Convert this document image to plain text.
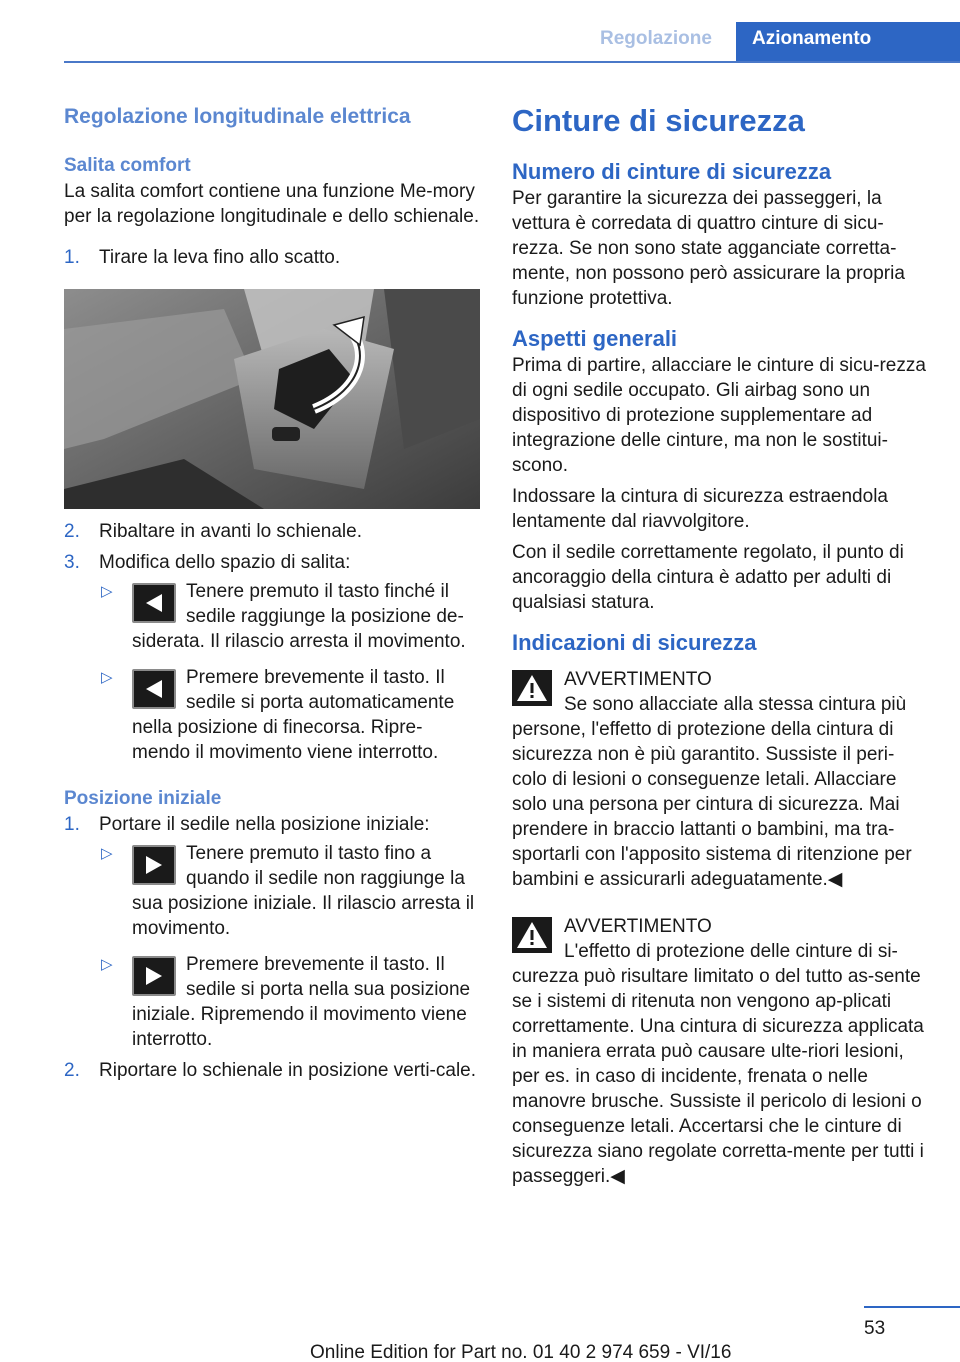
Regolazione	Azionamento
Regolazione longitudinale elettrica
Salita comfort

La salita comfort contiene una funzione Me-mory per la regolazione longitudinale e dello schienale.

1. Tirare la leva fino allo scatto.
2. Ribaltare in avanti lo schienale.
3. Modifica dello spazio di salita:
▷	Tenere premuto il tasto finché il sedile raggiunge la posizione de-siderata. Il rilascio arresta il movimento.
▷	Premere brevemente il tasto. Il sedile si porta automaticamente nella posizione di finecorsa. Ripre-mendo il movimento viene interrotto.
Posizione iniziale
1. Portare il sedile nella posizione iniziale:
▷	Tenere premuto il tasto fino a quando il sedile non raggiunge la sua posizione iniziale. Il rilascio arresta il movimento.
▷	Premere brevemente il tasto. Il sedile si porta nella sua posizione iniziale. Ripremendo il movimento viene interrotto.
2. Riportare lo schienale in posizione verti-cale.
Cinture di sicurezza
Numero di cinture di sicurezza

Per garantire la sicurezza dei passeggeri, la vettura è corredata di quattro cinture di sicu-rezza. Se non sono state agganciate corretta-mente, non possono però assicurare la propria funzione protettiva.

Aspetti generali

Prima di partire, allacciare le cinture di sicu-rezza di ogni sedile occupato. Gli airbag sono un dispositivo di protezione supplementare ad integrazione delle cinture, ma non le sostitui-scono.

Indossare la cintura di sicurezza estraendola lentamente dal riavvolgitore.

Con il sedile correttamente regolato, il punto di ancoraggio della cintura è adatto per adulti di qualsiasi statura.

Indicazioni di sicurezza
AVVERTIMENTO
Se sono allacciate alla stessa cintura più persone, l'effetto di protezione della cintura di sicurezza non è più garantito. Sussiste il peri-colo di lesioni o conseguenze letali. Allacciare solo una persona per cintura di sicurezza. Mai prendere in braccio lattanti o bambini, ma tra-sportarli con l'apposito sistema di ritenzione per bambini e assicurarli adeguatamente.◀
AVVERTIMENTO
L'effetto di protezione delle cinture di si-curezza può risultare limitato o del tutto as-sente se i sistemi di ritenuta non vengono ap-plicati correttamente. Una cintura di sicurezza applicata in maniera errata può causare ulte-riori lesioni, per es. in caso di incidente, frenata o nelle manovre brusche. Sussiste il pericolo di lesioni o conseguenze letali. Accertarsi che le cinture di sicurezza siano regolate corretta-mente per tutti i passeggeri.◀
53
Online Edition for Part no. 01 40 2 974 659 - VI/16
